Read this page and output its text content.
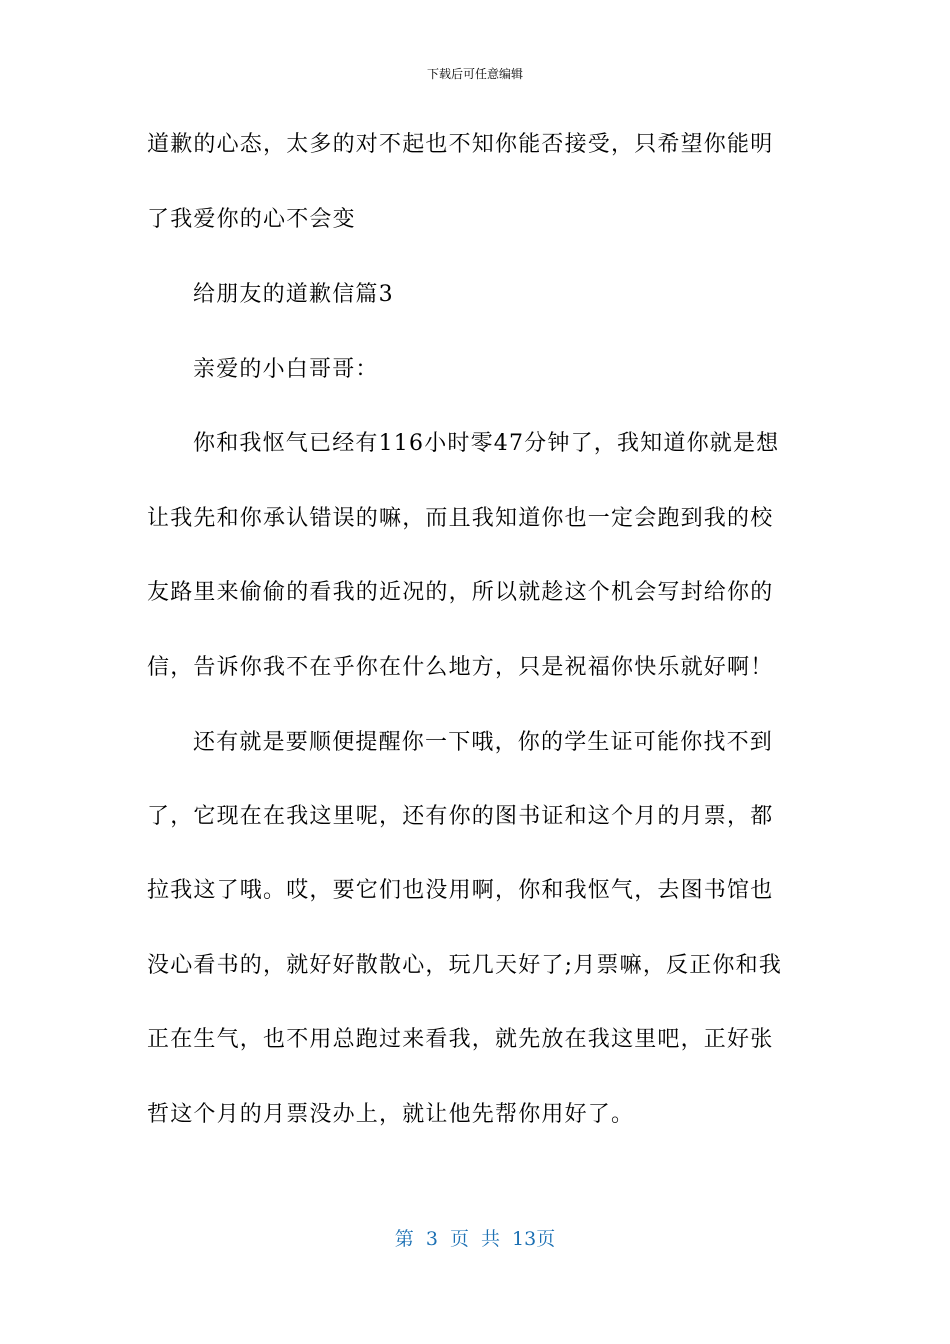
下载后可任意编辑
道歉的心态，太多的对不起也不知你能否接受，只希望你能明
了我爱你的心不会变
给朋友的道歉信篇3
亲爱的小白哥哥：
你和我怄气已经有116小时零47分钟了，我知道你就是想
让我先和你承认错误的嘛，而且我知道你也一定会跑到我的校
友路里来偷偷的看我的近况的，所以就趁这个机会写封给你的
信，告诉你我不在乎你在什么地方，只是祝福你快乐就好啊！
还有就是要顺便提醒你一下哦，你的学生证可能你找不到
了，它现在在我这里呢，还有你的图书证和这个月的月票，都
拉我这了哦。哎，要它们也没用啊，你和我怄气，去图书馆也
没心看书的，就好好散散心，玩几天好了;月票嘛，反正你和我
正在生气，也不用总跑过来看我，就先放在我这里吧，正好张
哲这个月的月票没办上，就让他先帮你用好了。
第 3 页 共 13页
